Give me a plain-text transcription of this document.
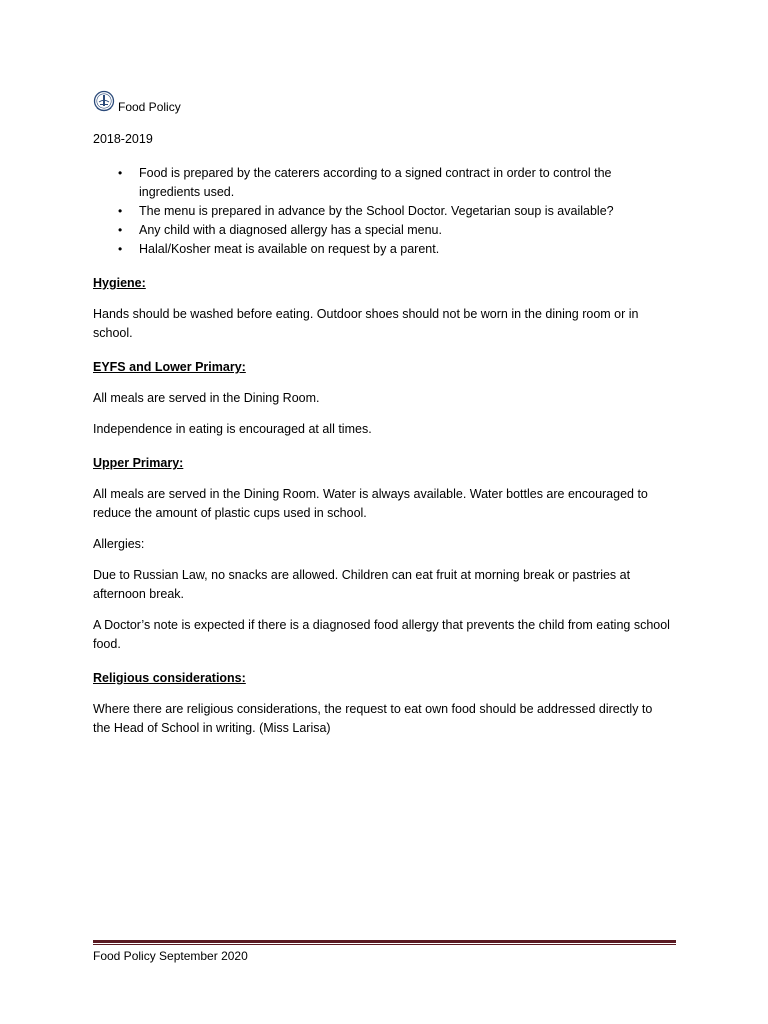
Food Policy

2018-2019

• Food is prepared by the caterers according to a signed contract in order to control the ingredients used.
• The menu is prepared in advance by the School Doctor. Vegetarian soup is available?
• Any child with a diagnosed allergy has a special menu.
• Halal/Kosher meat is available on request by a parent.

Hygiene:

Hands should be washed before eating. Outdoor shoes should not be worn in the dining room or in school.

EYFS and Lower Primary:

All meals are served in the Dining Room.

Independence in eating is encouraged at all times.

Upper Primary:

All meals are served in the Dining Room. Water is always available. Water bottles are encouraged to reduce the amount of plastic cups used in school.

Allergies:

Due to Russian Law, no snacks are allowed. Children can eat fruit at morning break or pastries at afternoon break.

A Doctor’s note is expected if there is a diagnosed food allergy that prevents the child from eating school food.

Religious considerations:

Where there are religious considerations, the request to eat own food should be addressed directly to the Head of School in writing. (Miss Larisa)

Food Policy September 2020
